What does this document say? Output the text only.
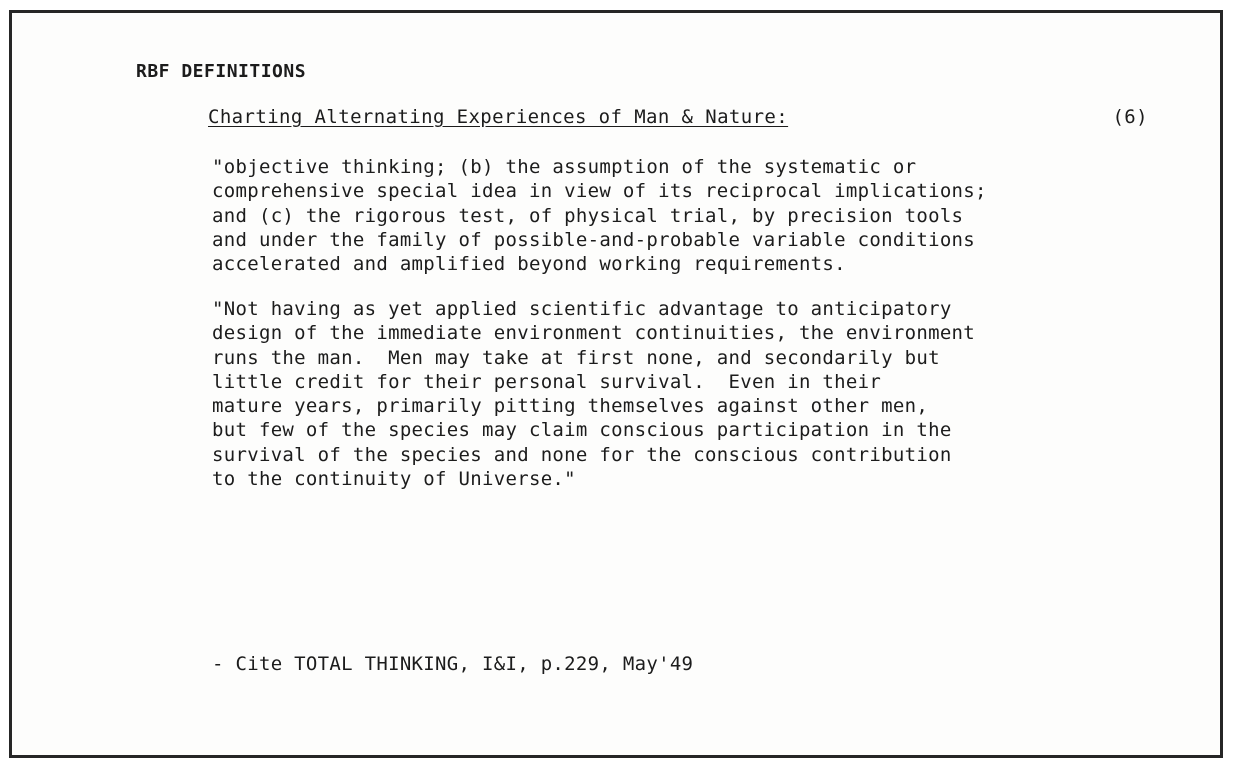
RBF DEFINITIONS
Charting Alternating Experiences of Man & Nature:	(6)

"objective thinking; (b) the assumption of the systematic or
comprehensive special idea in view of its reciprocal implications;
and (c) the rigorous test, of physical trial, by precision tools
and under the family of possible-and-probable variable conditions
accelerated and amplified beyond working requirements.

"Not having as yet applied scientific advantage to anticipatory
design of the immediate environment continuities, the environment
runs the man.  Men may take at first none, and secondarily but
little credit for their personal survival.  Even in their
mature years, primarily pitting themselves against other men,
but few of the species may claim conscious participation in the
survival of the species and none for the conscious contribution
to the continuity of Universe."

- Cite TOTAL THINKING, I&I, p.229, May'49
